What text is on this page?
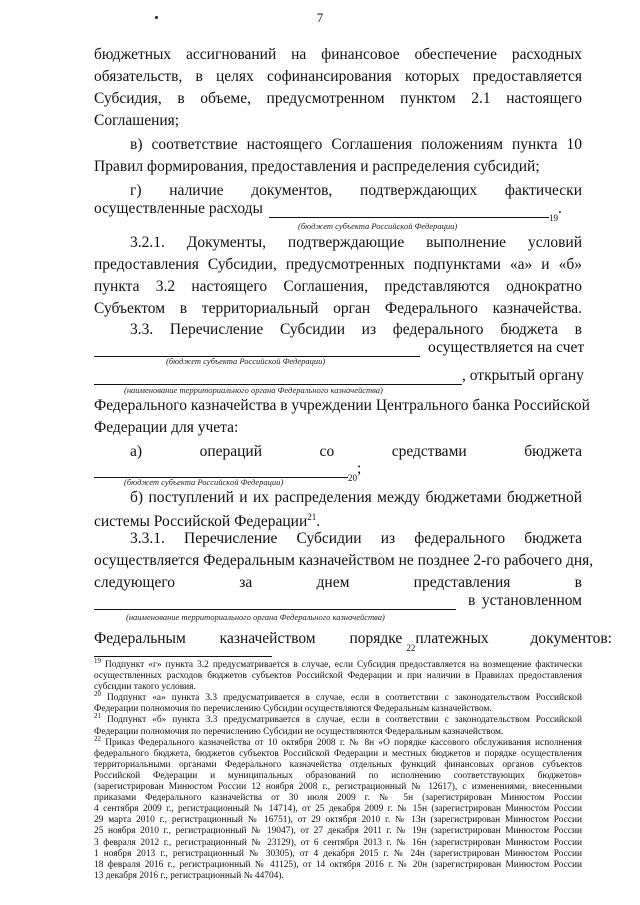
7
бюджетных ассигнований на финансовое обеспечение расходных
обязательств, в целях софинансирования которых предоставляется
Субсидия, в объеме, предусмотренном пунктом 2.1 настоящего
Соглашения;
в) соответствие настоящего Соглашения положениям пункта 10
Правил формирования, предоставления и распределения субсидий;
г) наличие документов, подтверждающих фактически
осуществленные расходы
19
.
(бюджет субъекта Российской Федерации)
3.2.1. Документы, подтверждающие выполнение условий
предоставления Субсидии, предусмотренных подпунктами «а» и «б»
пункта 3.2 настоящего Соглашения, представляются однократно
Субъектом в территориальный орган Федерального казначейства.
3.3. Перечисление Субсидии из федерального бюджета в
осуществляется на счет
(бюджет субъекта Российской Федерации)
, открытый органу
(наименование территориального органа Федерального казначейства)
Федерального казначейства в учреждении Центрального банка Российской
Федерации для учета:
а) операций со средствами бюджета
20
;
(бюджет субъекта Российской Федерации)
б) поступлений и их распределения между бюджетами бюджетной
системы Российской Федерации$^{21}$.
3.3.1. Перечисление Субсидии из федерального бюджета
осуществляется Федеральным казначейством не позднее 2-го рабочего дня,
следующего за днем представления в
в установленном
(наименование территориального органа Федерального казначейства)
Федеральным казначейством порядке
22
платежных документов:
$^{19}$ Подпункт «г» пункта 3.2 предусматривается в случае, если Субсидия предоставляется на возмещение фактически
осуществленных расходов бюджетов субъектов Российской Федерации и при наличии в Правилах предоставления
субсидии такого условия.
$^{20}$ Подпункт «а» пункта 3.3 предусматривается в случае, если в соответствии с законодательством Российской
Федерации полномочия по перечислению Субсидии осуществляются Федеральным казначейством.
$^{21}$ Подпункт «б» пункта 3.3 предусматривается в случае, если в соответствии с законодательством Российской
Федерации полномочия по перечислению Субсидии не осуществляются Федеральным казначейством.
$^{22}$ Приказ Федерального казначейства от 10 октября 2008 г. № 8н «О порядке кассового обслуживания исполнения
федерального бюджета, бюджетов субъектов Российской Федерации и местных бюджетов и порядке осуществления
территориальными органами Федерального казначейства отдельных функций финансовых органов субъектов
Российской Федерации и муниципальных образований по исполнению соответствующих бюджетов»
(зарегистрирован Минюстом России 12 ноября 2008 г., регистрационный № 12617), с изменениями, внесенными
приказами Федерального казначейства от 30 июля 2009 г. № 5н (зарегистрирован Минюстом России
4 сентября 2009 г., регистрационный № 14714), от 25 декабря 2009 г. № 15н (зарегистрирован Минюстом России
29 марта 2010 г., регистрационный № 16751), от 29 октября 2010 г. № 13н (зарегистрирован Минюстом России
25 ноября 2010 г., регистрационный № 19047), от 27 декабря 2011 г. № 19н (зарегистрирован Минюстом России
3 февраля 2012 г., регистрационный № 23129), от 6 сентября 2013 г. № 16н (зарегистрирован Минюстом России
1 ноября 2013 г., регистрационный № 30305), от 4 декабря 2015 г. № 24н (зарегистрирован Минюстом России
18 февраля 2016 г., регистрационный № 41125), от 14 октября 2016 г. № 20н (зарегистрирован Минюстом России
13 декабря 2016 г., регистрационный № 44704).
